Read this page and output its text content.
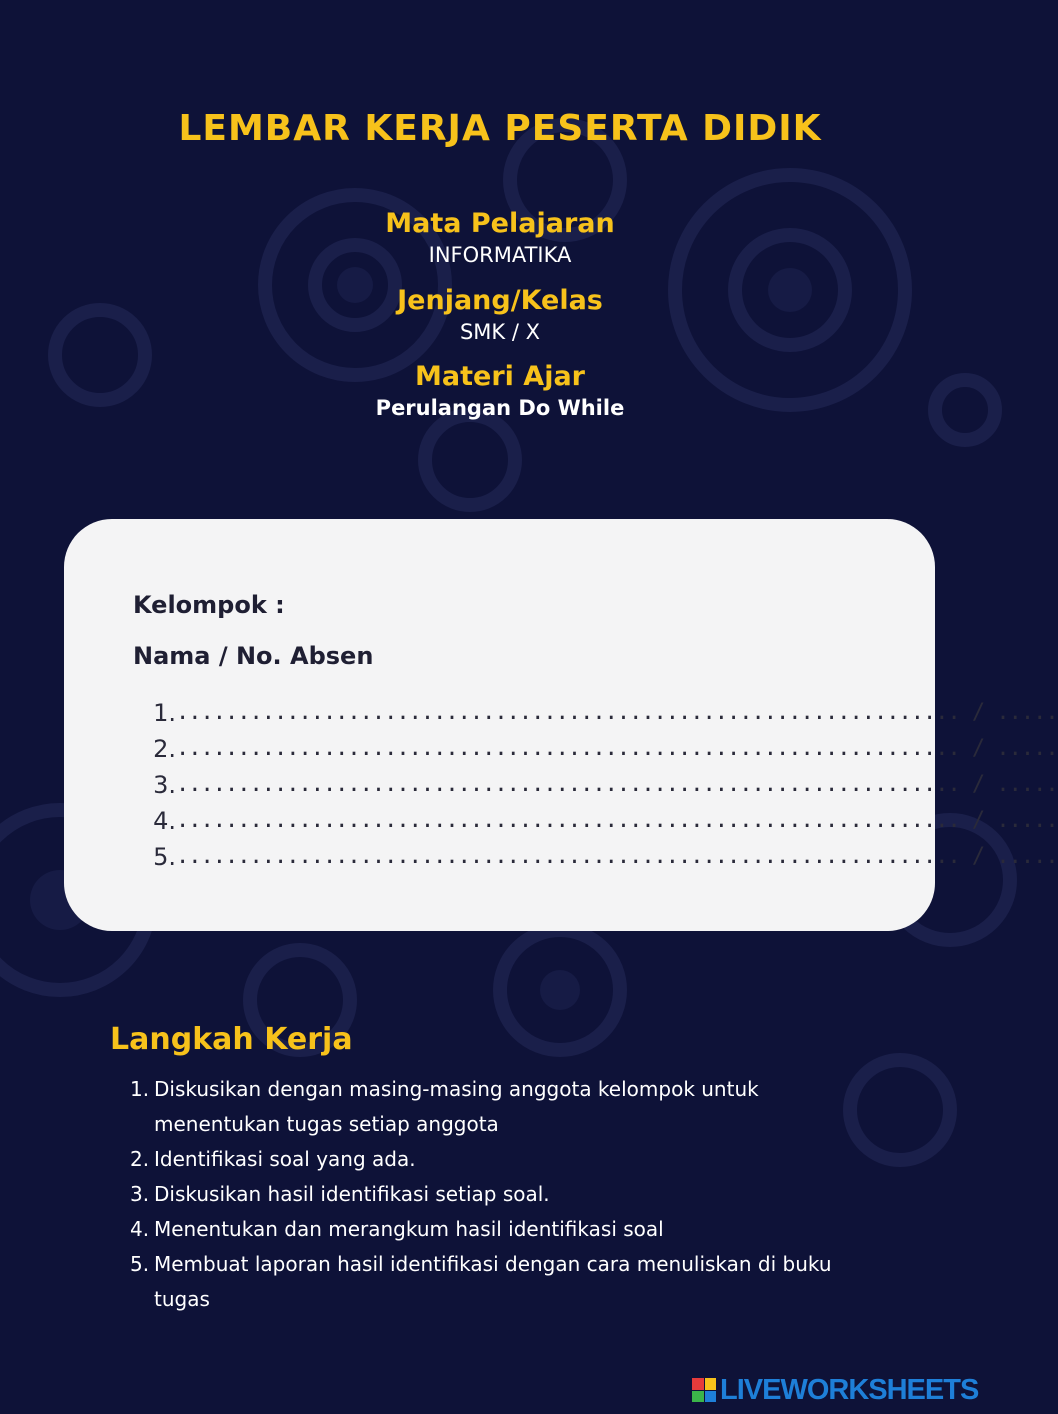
LEMBAR KERJA PESERTA DIDIK
Mata Pelajaran
INFORMATIKA
Jenjang/Kelas
SMK / X
Materi Ajar
Perulangan Do While
Kelompok :
Nama / No. Absen
1. ................................................................ / .....
2. ................................................................ / .....
3. ................................................................ / .....
4. ................................................................ / .....
5. ................................................................ / .....
Langkah Kerja
1. Diskusikan dengan masing-masing anggota kelompok untuk menentukan tugas setiap anggota
2. Identifikasi soal yang ada.
3. Diskusikan hasil identifikasi setiap soal.
4. Menentukan dan merangkum hasil identifikasi soal
5. Membuat laporan hasil identifikasi dengan cara menuliskan di buku tugas
LIVEWORKSHEETS
